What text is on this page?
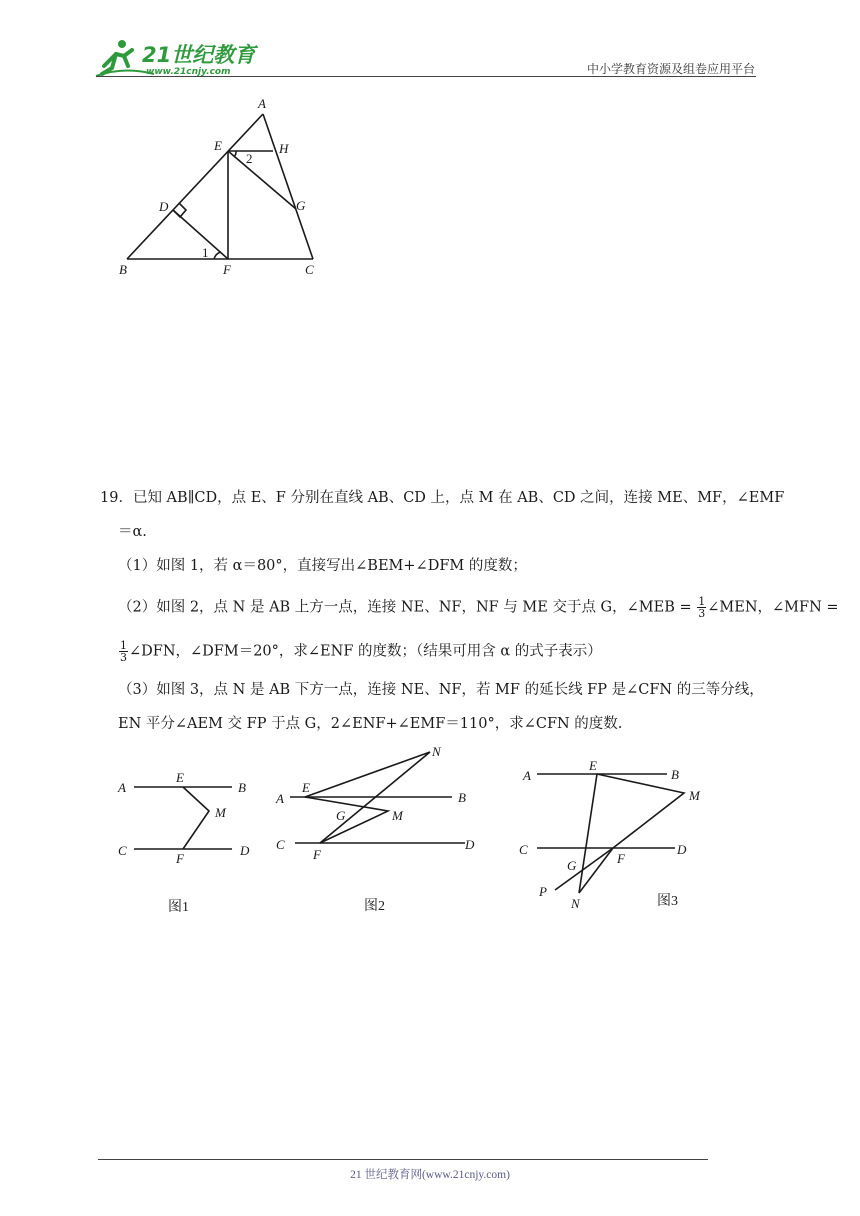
21世纪教育
www.21cnjy.com	中小学教育资源及组卷应用平台
A
E	H
D	G
B	F	C
1
2
19．已知 AB∥CD，点 E、F 分别在直线 AB、CD 上，点 M 在 AB、CD 之间，连接 ME、MF，∠EMF
＝α.
（1）如图 1，若 α＝80°，直接写出∠BEM+∠DFM 的度数；
（2）如图 2，点 N 是 AB 上方一点，连接 NE、NF，NF 与 ME 交于点 G，∠MEB = $\frac{1}{3}$ ∠MEN，∠MFN =
$\frac{1}{3}$ ∠DFN，∠DFM＝20°，求∠ENF 的度数；（结果可用含 α 的式子表示）
（3）如图 3，点 N 是 AB 下方一点，连接 NE、NF，若 MF 的延长线 FP 是∠CFN 的三等分线，
EN 平分∠AEM 交 FP 于点 G，2∠ENF+∠EMF＝110°，求∠CFN 的度数.
A
E
B
M
C
F
D
图1
N
E
A	B
G	M
C
F
D
图2
E
A	B
M
C
F
D
G
P
N	图3
21 世纪教育网(www.21cnjy.com)
